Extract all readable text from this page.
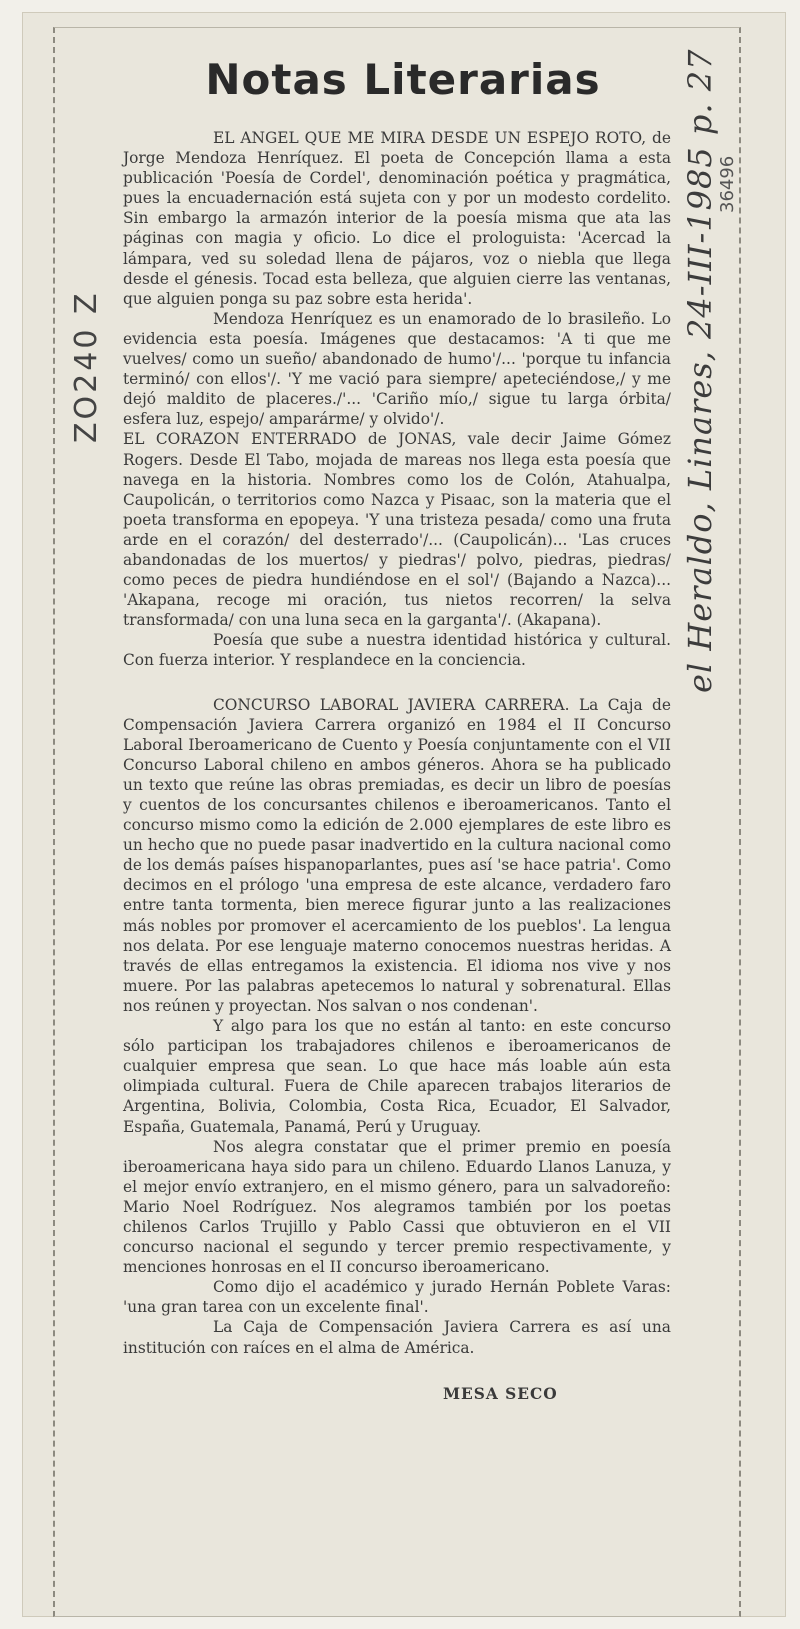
Notas Literarias
ZO240 Z	el Heraldo, Linares, 24-III-1985 p. 27
36496

EL ANGEL QUE ME MIRA DESDE UN ESPEJO ROTO, de Jorge Mendoza Henríquez. El poeta de Concepción llama a esta publicación 'Poesía de Cordel', denominación poética y pragmática, pues la encuadernación está sujeta con y por un modesto cordelito. Sin embargo la armazón interior de la poesía misma que ata las páginas con magia y oficio. Lo dice el prologuista: 'Acercad la lámpara, ved su soledad llena de pájaros, voz o niebla que llega desde el génesis. Tocad esta belleza, que alguien cierre las ventanas, que alguien ponga su paz sobre esta herida'.

Mendoza Henríquez es un enamorado de lo brasileño. Lo evidencia esta poesía. Imágenes que destacamos: 'A ti que me vuelves/ como un sueño/ abandonado de humo'/... 'porque tu infancia terminó/ con ellos'/. 'Y me vació para siempre/ apeteciéndose,/ y me dejó maldito de placeres./'... 'Cariño mío,/ sigue tu larga órbita/ esfera luz, espejo/ amparárme/ y olvido'/.

EL CORAZON ENTERRADO de JONAS, vale decir Jaime Gómez Rogers. Desde El Tabo, mojada de mareas nos llega esta poesía que navega en la historia. Nombres como los de Colón, Atahualpa, Caupolicán, o territorios como Nazca y Pisaac, son la materia que el poeta transforma en epopeya. 'Y una tristeza pesada/ como una fruta arde en el corazón/ del desterrado'/... (Caupolicán)... 'Las cruces abandonadas de los muertos/ y piedras'/ polvo, piedras, piedras/ como peces de piedra hundiéndose en el sol'/ (Bajando a Nazca)... 'Akapana, recoge mi oración, tus nietos recorren/ la selva transformada/ con una luna seca en la garganta'/. (Akapana).

Poesía que sube a nuestra identidad histórica y cultural. Con fuerza interior. Y resplandece en la conciencia.

CONCURSO LABORAL JAVIERA CARRERA. La Caja de Compensación Javiera Carrera organizó en 1984 el II Concurso Laboral Iberoamericano de Cuento y Poesía conjuntamente con el VII Concurso Laboral chileno en ambos géneros. Ahora se ha publicado un texto que reúne las obras premiadas, es decir un libro de poesías y cuentos de los concursantes chilenos e iberoamericanos. Tanto el concurso mismo como la edición de 2.000 ejemplares de este libro es un hecho que no puede pasar inadvertido en la cultura nacional como de los demás países hispanoparlantes, pues así 'se hace patria'. Como decimos en el prólogo 'una empresa de este alcance, verdadero faro entre tanta tormenta, bien merece figurar junto a las realizaciones más nobles por promover el acercamiento de los pueblos'. La lengua nos delata. Por ese lenguaje materno conocemos nuestras heridas. A través de ellas entregamos la existencia. El idioma nos vive y nos muere. Por las palabras apetecemos lo natural y sobrenatural. Ellas nos reúnen y proyectan. Nos salvan o nos condenan'.

Y algo para los que no están al tanto: en este concurso sólo participan los trabajadores chilenos e iberoamericanos de cualquier empresa que sean. Lo que hace más loable aún esta olimpiada cultural. Fuera de Chile aparecen trabajos literarios de Argentina, Bolivia, Colombia, Costa Rica, Ecuador, El Salvador, España, Guatemala, Panamá, Perú y Uruguay.

Nos alegra constatar que el primer premio en poesía iberoamericana haya sido para un chileno. Eduardo Llanos Lanuza, y el mejor envío extranjero, en el mismo género, para un salvadoreño: Mario Noel Rodríguez. Nos alegramos también por los poetas chilenos Carlos Trujillo y Pablo Cassi que obtuvieron en el VII concurso nacional el segundo y tercer premio respectivamente, y menciones honrosas en el II concurso iberoamericano.

Como dijo el académico y jurado Hernán Poblete Varas: 'una gran tarea con un excelente final'.

La Caja de Compensación Javiera Carrera es así una institución con raíces en el alma de América.

MESA SECO
